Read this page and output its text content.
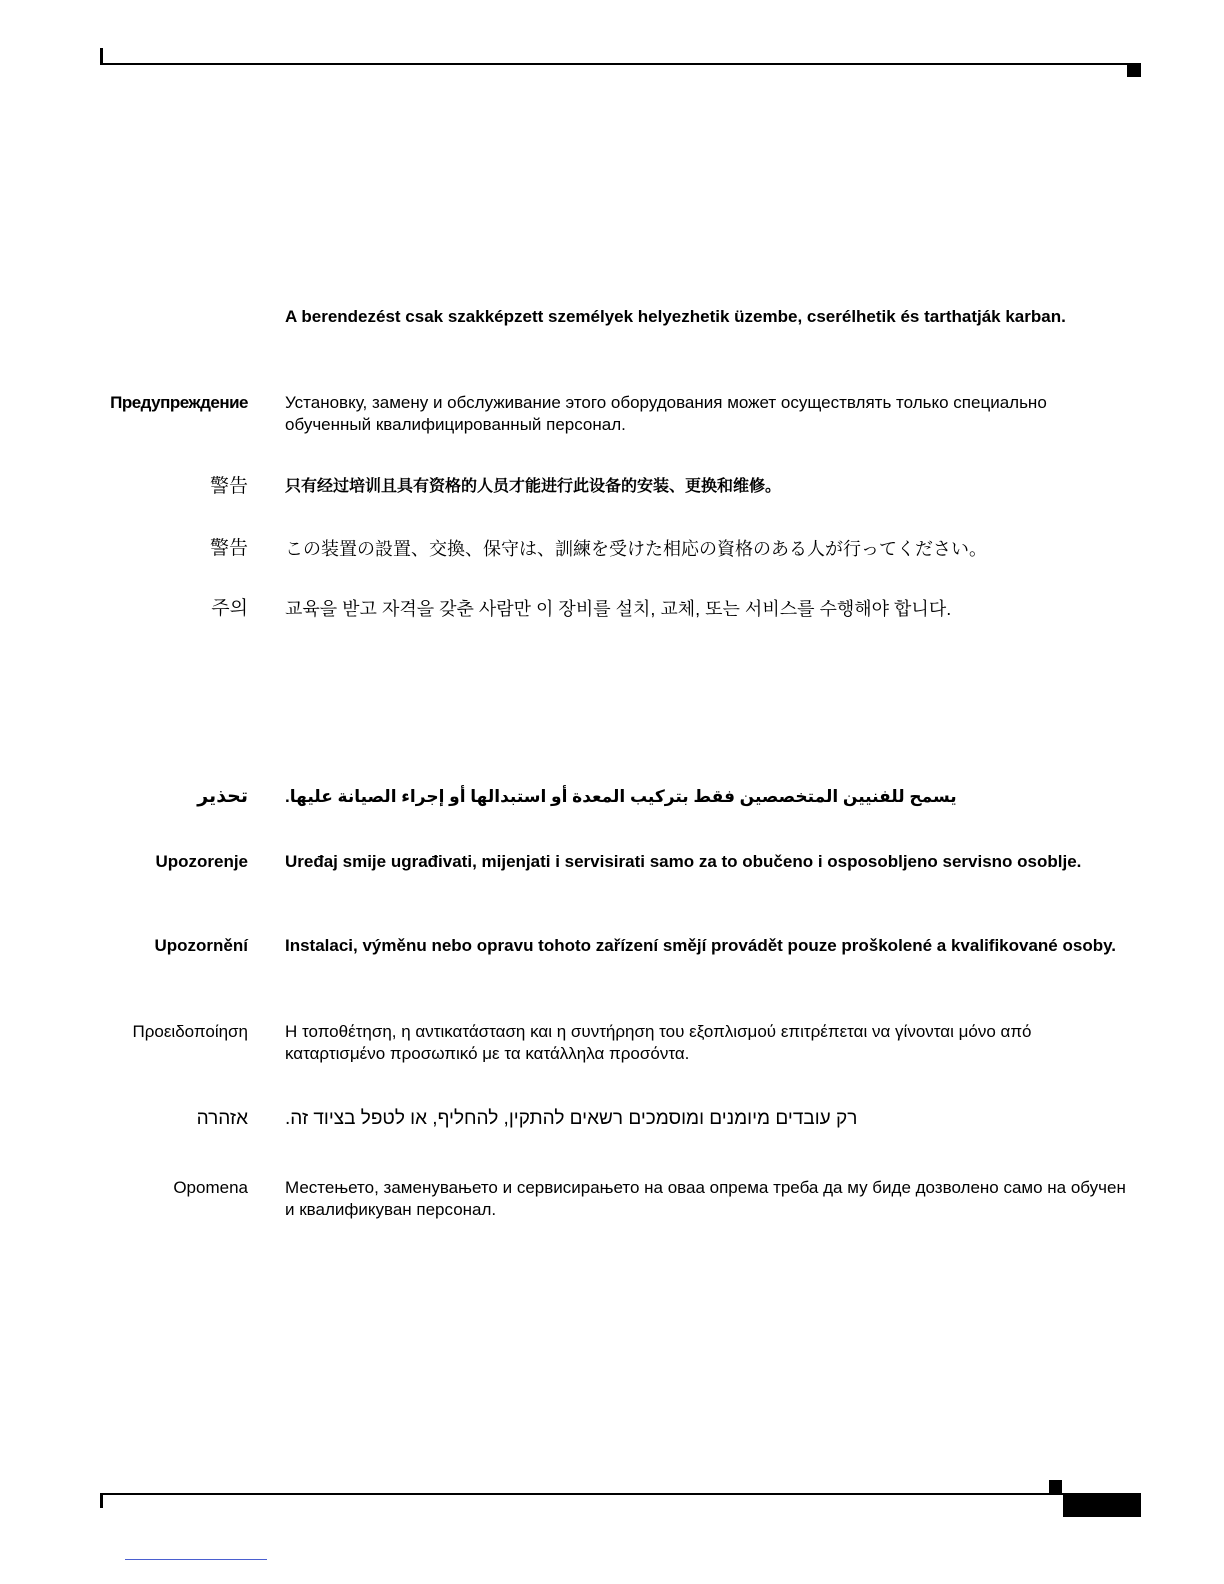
A berendezést csak szakképzett személyek helyezhetik üzembe, cserélhetik és tarthatják karban.
Предупреждение Установку, замену и обслуживание этого оборудования может осуществлять только специально обученный квалифицированный персонал.
警告 只有经过培训且具有资格的人员才能进行此设备的安装、更换和维修。
警告 この装置の設置、交換、保守は、訓練を受けた相応の資格のある人が行ってください。
주의 교육을 받고 자격을 갖춘 사람만 이 장비를 설치, 교체, 또는 서비스를 수행해야 합니다.
تحذير يسمح للفنيين المتخصصين فقط بتركيب المعدة أو استبدالها أو إجراء الصيانة عليها.
Upozorenje Uređaj smije ugrađivati, mijenjati i servisirati samo za to obučeno i osposobljeno servisno osoblje.
Upozornění Instalaci, výměnu nebo opravu tohoto zařízení smějí provádět pouze proškolené a kvalifikované osoby.
Προειδοποίηση Η τοποθέτηση, η αντικατάσταση και η συντήρηση του εξοπλισμού επιτρέπεται να γίνονται μόνο από καταρτισμένο προσωπικό με τα κατάλληλα προσόντα.
אזהרה רק עובדים מיומנים ומוסמכים רשאים להתקין, להחליף, או לטפל בציוד זה.
Opomena Местењето, заменувањето и сервисирањето на оваа опрема треба да му биде дозволено само на обучен и квалификуван персонал.
